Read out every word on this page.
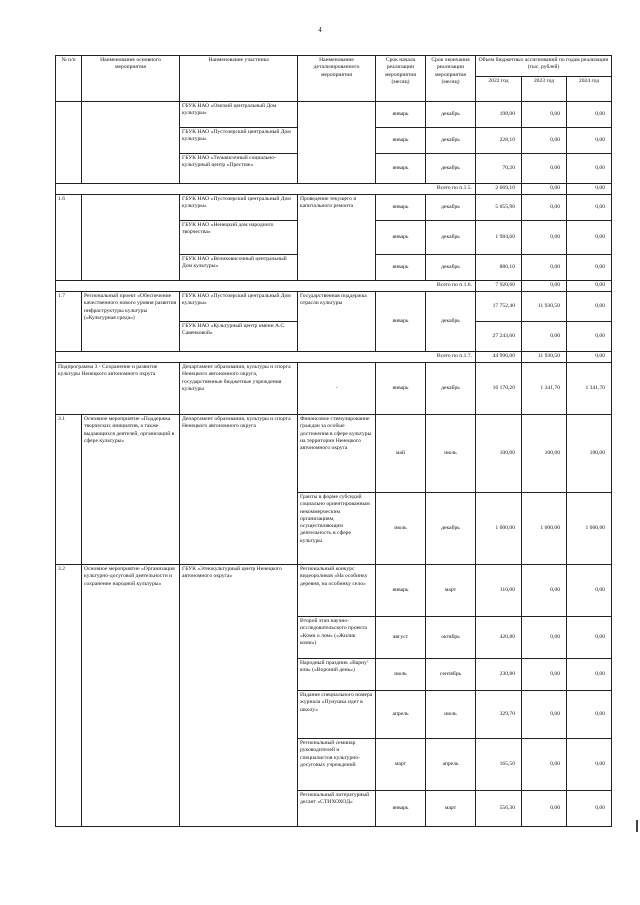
4
№ п/п	Наименование основного мероприятия	Наименование участника	Наименование детализированного мероприятия	Срок начала реализации мероприятия (месяц)	Срок окончания реализации мероприятия (месяц)	Объем бюджетных ассигнований по годам реализации (тыс. рублей)		
						2022 год	2023 год	2024 год
		ГБУК НАО «Омский центральный Дом культуры»		январь	декабрь	198,00	0,00	0,00
		ГБУК НАО «Пустозерский центральный Дом культуры»		январь	декабрь	228,10	0,00	0,00
		ГБУК НАО «Тельвисочный социально-культурный центр «Престиж»		январь	декабрь	70,20	0,00	0,00
Всего по п.1.5.						2 669,10	0,00	0,00
1.6		ГБУК НАО «Пустозерский центральный Дом культуры»	Проведение текущего и капитального ремонта	январь	декабрь	5 055,90	0,00	0,00
		ГБУК НАО «Ненецкий дом народного творчества»		январь	декабрь	1 984,60	0,00	0,00
		ГБУК НАО «Великовисочный центральный Дом культуры»		январь	декабрь	880,10	0,00	0,00
Всего по п.1.6.						7 920,60	0,00	0,00
1.7	Региональный проект «Обеспечение качественного нового уровня развития инфраструктуры культуры («Культурная среда»)	ГБУК НАО «Пустозерский центральный Дом культуры»	Государственная поддержка отрасли культуры	январь	декабрь	17 752,40	11 930,50	0,00
		ГБУК НАО «Культурный центр имени А.С. Савенковой»				27 243,60	0,00	0,00
Всего по п.1.7.						44 996,00	11 930,50	0,00
Подпрограмма 3 - Сохранение и развитие культуры Ненецкого автономного округа		Департамент образования, культуры и спорта Ненецкого автономного округа, государственные бюджетные учреждения культуры	-	январь	декабрь	16 170,20	1 341,70	1 341,70
3.1	Основное мероприятие «Поддержка творческих инициатив, а также выдающихся деятелей, организаций в сфере культуры»	Департамент образования, культуры и спорта Ненецкого автономного округа	Финансовое стимулирование граждан за особые достижения в сфере культуры на территории Ненецкого автономного округа	май	июль	100,00	100,00	100,00
			Гранты в форме субсидий социально ориентированным некоммерческим организациям, осуществляющим деятельность в сфере культуры	июль	декабрь	1 000,00	1 000,00	1 000,00
3.2	Основное мероприятие «Организация культурно-досуговой деятельности и сохранение народной культуры»	ГБУК «Этнокультурный центр Ненецкого автономного округа»	Региональный конкурс видеороликов «На особинку деревня, на особинку село»	январь	март	110,00	0,00	0,00
			Второй этап научно-исследовательского проекта «Коми о лом» («Жилик коми»)	август	октябрь	420,80	0,00	0,00
			Народный праздник «Варну' яля» («Вороний день»)	июль	сентябрь	230,80	0,00	0,00
			Издание специального номера журнала «Пунушка идет в школу»	апрель	июль	329,70	0,00	0,00
			Региональный семинар руководителей и специалистов культурно-досуговых учреждений	март	апрель	165,50	0,00	0,00
			Региональный литературный десант «СТИХОХОД»	январь	март	556,30	0,00	0,00
